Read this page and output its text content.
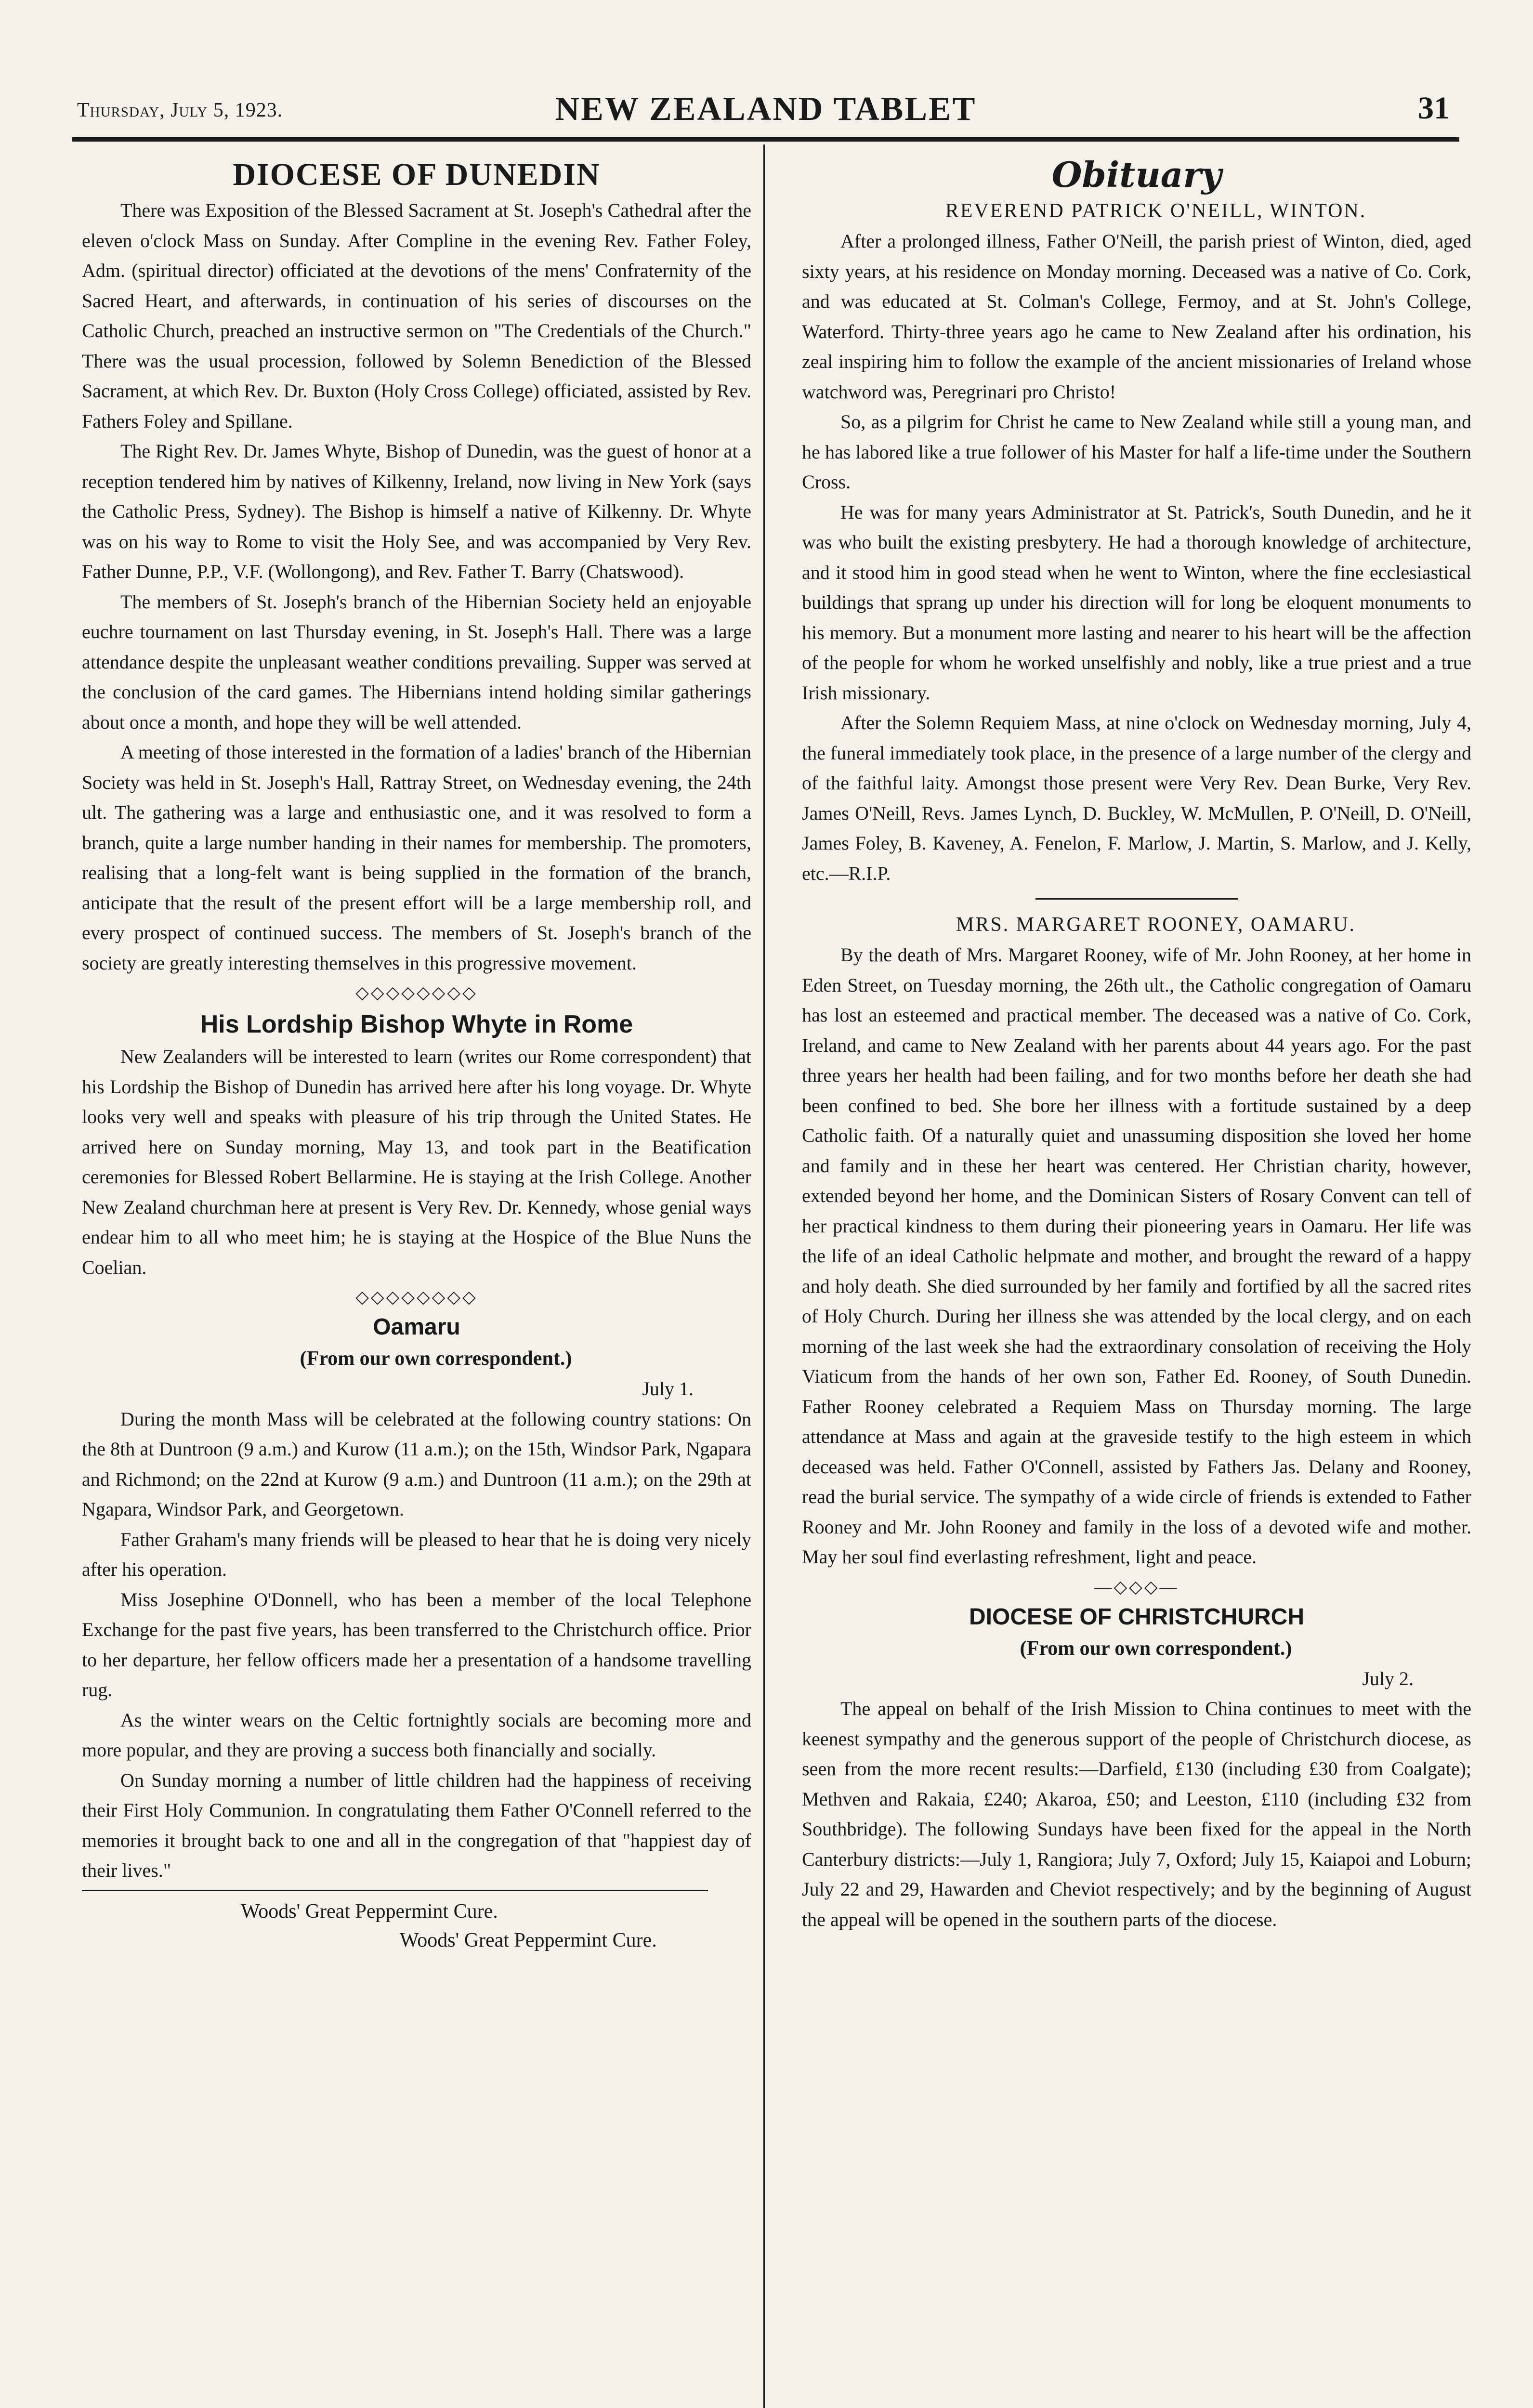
Thursday, July 5, 1923.	NEW ZEALAND TABLET	31
DIOCESE OF DUNEDIN

There was Exposition of the Blessed Sacrament at St. Joseph's Cathedral after the eleven o'clock Mass on Sunday. After Compline in the evening Rev. Father Foley, Adm. (spiritual director) officiated at the devotions of the mens' Confraternity of the Sacred Heart, and afterwards, in continuation of his series of discourses on the Catholic Church, preached an instructive sermon on "The Credentials of the Church." There was the usual procession, followed by Solemn Benediction of the Blessed Sacrament, at which Rev. Dr. Buxton (Holy Cross College) officiated, assisted by Rev. Fathers Foley and Spillane.

The Right Rev. Dr. James Whyte, Bishop of Dunedin, was the guest of honor at a reception tendered him by natives of Kilkenny, Ireland, now living in New York (says the Catholic Press, Sydney). The Bishop is himself a native of Kilkenny. Dr. Whyte was on his way to Rome to visit the Holy See, and was accompanied by Very Rev. Father Dunne, P.P., V.F. (Wollongong), and Rev. Father T. Barry (Chatswood).

The members of St. Joseph's branch of the Hibernian Society held an enjoyable euchre tournament on last Thursday evening, in St. Joseph's Hall. There was a large attendance despite the unpleasant weather conditions prevailing. Supper was served at the conclusion of the card games. The Hibernians intend holding similar gatherings about once a month, and hope they will be well attended.

A meeting of those interested in the formation of a ladies' branch of the Hibernian Society was held in St. Joseph's Hall, Rattray Street, on Wednesday evening, the 24th ult. The gathering was a large and enthusiastic one, and it was resolved to form a branch, quite a large number handing in their names for membership. The promoters, realising that a long-felt want is being supplied in the formation of the branch, anticipate that the result of the present effort will be a large membership roll, and every prospect of continued success. The members of St. Joseph's branch of the society are greatly interesting themselves in this progressive movement.

◇◇◇◇◇◇◇◇
His Lordship Bishop Whyte in Rome

New Zealanders will be interested to learn (writes our Rome correspondent) that his Lordship the Bishop of Dunedin has arrived here after his long voyage. Dr. Whyte looks very well and speaks with pleasure of his trip through the United States. He arrived here on Sunday morning, May 13, and took part in the Beatification ceremonies for Blessed Robert Bellarmine. He is staying at the Irish College. Another New Zealand churchman here at present is Very Rev. Dr. Kennedy, whose genial ways endear him to all who meet him; he is staying at the Hospice of the Blue Nuns the Coelian.

◇◇◇◇◇◇◇◇
Oamaru

(From our own correspondent.)

July 1.

During the month Mass will be celebrated at the following country stations: On the 8th at Duntroon (9 a.m.) and Kurow (11 a.m.); on the 15th, Windsor Park, Ngapara and Richmond; on the 22nd at Kurow (9 a.m.) and Duntroon (11 a.m.); on the 29th at Ngapara, Windsor Park, and Georgetown.

Father Graham's many friends will be pleased to hear that he is doing very nicely after his operation.

Miss Josephine O'Donnell, who has been a member of the local Telephone Exchange for the past five years, has been transferred to the Christchurch office. Prior to her departure, her fellow officers made her a presentation of a handsome travelling rug.

As the winter wears on the Celtic fortnightly socials are becoming more and more popular, and they are proving a success both financially and socially.

On Sunday morning a number of little children had the happiness of receiving their First Holy Communion. In congratulating them Father O'Connell referred to the memories it brought back to one and all in the congregation of that "happiest day of their lives."

Woods' Great Peppermint Cure.

Woods' Great Peppermint Cure.

Obituary

REVEREND PATRICK O'NEILL, WINTON.

After a prolonged illness, Father O'Neill, the parish priest of Winton, died, aged sixty years, at his residence on Monday morning. Deceased was a native of Co. Cork, and was educated at St. Colman's College, Fermoy, and at St. John's College, Waterford. Thirty-three years ago he came to New Zealand after his ordination, his zeal inspiring him to follow the example of the ancient missionaries of Ireland whose watchword was, Peregrinari pro Christo!

So, as a pilgrim for Christ he came to New Zealand while still a young man, and he has labored like a true follower of his Master for half a life-time under the Southern Cross.

He was for many years Administrator at St. Patrick's, South Dunedin, and he it was who built the existing presbytery. He had a thorough knowledge of architecture, and it stood him in good stead when he went to Winton, where the fine ecclesiastical buildings that sprang up under his direction will for long be eloquent monuments to his memory. But a monument more lasting and nearer to his heart will be the affection of the people for whom he worked unselfishly and nobly, like a true priest and a true Irish missionary.

After the Solemn Requiem Mass, at nine o'clock on Wednesday morning, July 4, the funeral immediately took place, in the presence of a large number of the clergy and of the faithful laity. Amongst those present were Very Rev. Dean Burke, Very Rev. James O'Neill, Revs. James Lynch, D. Buckley, W. McMullen, P. O'Neill, D. O'Neill, James Foley, B. Kaveney, A. Fenelon, F. Marlow, J. Martin, S. Marlow, and J. Kelly, etc.—R.I.P.

MRS. MARGARET ROONEY, OAMARU.

By the death of Mrs. Margaret Rooney, wife of Mr. John Rooney, at her home in Eden Street, on Tuesday morning, the 26th ult., the Catholic congregation of Oamaru has lost an esteemed and practical member. The deceased was a native of Co. Cork, Ireland, and came to New Zealand with her parents about 44 years ago. For the past three years her health had been failing, and for two months before her death she had been confined to bed. She bore her illness with a fortitude sustained by a deep Catholic faith. Of a naturally quiet and unassuming disposition she loved her home and family and in these her heart was centered. Her Christian charity, however, extended beyond her home, and the Dominican Sisters of Rosary Convent can tell of her practical kindness to them during their pioneering years in Oamaru. Her life was the life of an ideal Catholic helpmate and mother, and brought the reward of a happy and holy death. She died surrounded by her family and fortified by all the sacred rites of Holy Church. During her illness she was attended by the local clergy, and on each morning of the last week she had the extraordinary consolation of receiving the Holy Viaticum from the hands of her own son, Father Ed. Rooney, of South Dunedin. Father Rooney celebrated a Requiem Mass on Thursday morning. The large attendance at Mass and again at the graveside testify to the high esteem in which deceased was held. Father O'Connell, assisted by Fathers Jas. Delany and Rooney, read the burial service. The sympathy of a wide circle of friends is extended to Father Rooney and Mr. John Rooney and family in the loss of a devoted wife and mother. May her soul find everlasting refreshment, light and peace.

—◇◇◇—
DIOCESE OF CHRISTCHURCH

(From our own correspondent.)

July 2.

The appeal on behalf of the Irish Mission to China continues to meet with the keenest sympathy and the generous support of the people of Christchurch diocese, as seen from the more recent results:—Darfield, £130 (including £30 from Coalgate); Methven and Rakaia, £240; Akaroa, £50; and Leeston, £110 (including £32 from Southbridge). The following Sundays have been fixed for the appeal in the North Canterbury districts:—July 1, Rangiora; July 7, Oxford; July 15, Kaiapoi and Loburn; July 22 and 29, Hawarden and Cheviot respectively; and by the beginning of August the appeal will be opened in the southern parts of the diocese.
